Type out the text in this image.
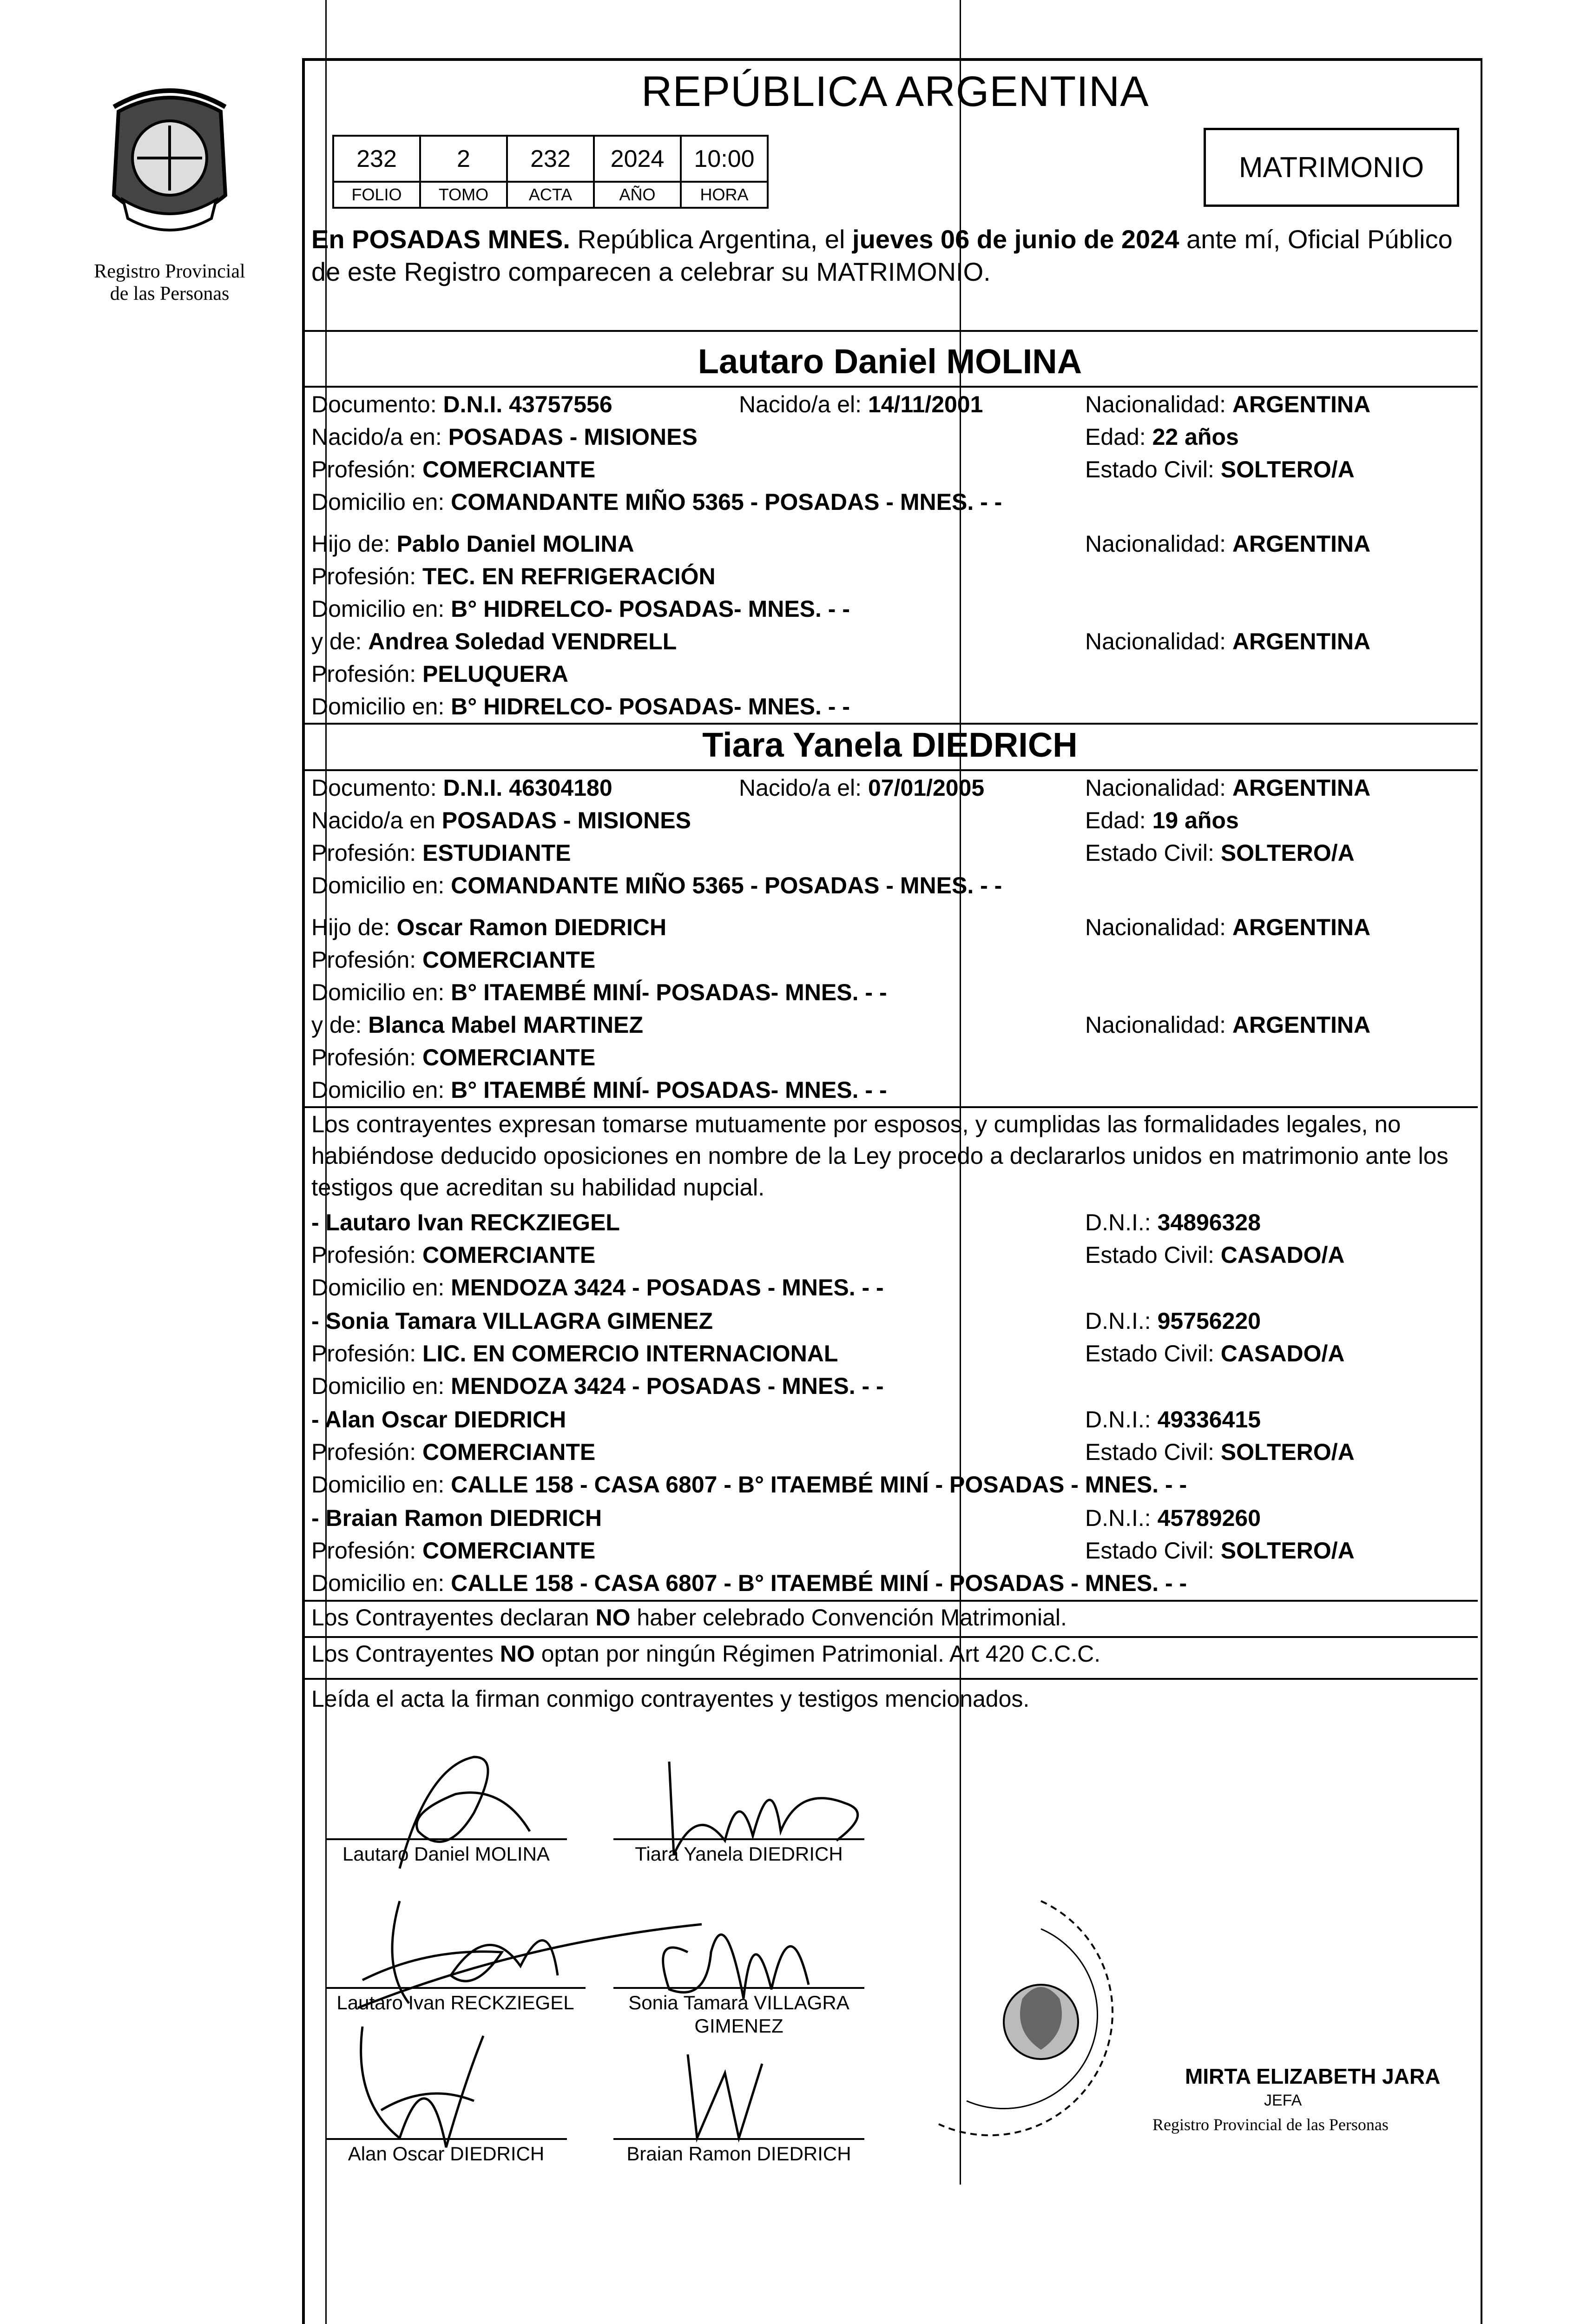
Registro Provincial
de las Personas
REPÚBLICA ARGENTINA
232	2	232	2024	10:00
FOLIO	TOMO	ACTA	AÑO	HORA
MATRIMONIO
En POSADAS MNES. República Argentina, el jueves 06 de junio de 2024 ante mí, Oficial Público de este Registro comparecen a celebrar su MATRIMONIO.
Lautaro Daniel MOLINA
Documento: D.N.I. 43757556	Nacido/a el: 14/11/2001	Nacionalidad: ARGENTINA
Nacido/a en: POSADAS - MISIONES	Edad: 22 años
Profesión: COMERCIANTE	Estado Civil: SOLTERO/A
Domicilio en: COMANDANTE MIÑO 5365 - POSADAS - MNES. - -
Hijo de: Pablo Daniel MOLINA	Nacionalidad: ARGENTINA
Profesión: TEC. EN REFRIGERACIÓN
Domicilio en: B° HIDRELCO- POSADAS- MNES. - -
y de: Andrea Soledad VENDRELL	Nacionalidad: ARGENTINA
Profesión: PELUQUERA
Domicilio en: B° HIDRELCO- POSADAS- MNES. - -
Tiara Yanela DIEDRICH
Documento: D.N.I. 46304180	Nacido/a el: 07/01/2005	Nacionalidad: ARGENTINA
Nacido/a en POSADAS - MISIONES	Edad: 19 años
Profesión: ESTUDIANTE	Estado Civil: SOLTERO/A
Domicilio en: COMANDANTE MIÑO 5365 - POSADAS - MNES. - -
Hijo de: Oscar Ramon DIEDRICH	Nacionalidad: ARGENTINA
Profesión: COMERCIANTE
Domicilio en: B° ITAEMBÉ MINÍ- POSADAS- MNES. - -
y de: Blanca Mabel MARTINEZ	Nacionalidad: ARGENTINA
Profesión: COMERCIANTE
Domicilio en: B° ITAEMBÉ MINÍ- POSADAS- MNES. - -
Los contrayentes expresan tomarse mutuamente por esposos, y cumplidas las formalidades legales, no habiéndose deducido oposiciones en nombre de la Ley procedo a declararlos unidos en matrimonio ante los testigos que acreditan su habilidad nupcial.
- Lautaro Ivan RECKZIEGEL	D.N.I.: 34896328
Profesión: COMERCIANTE	Estado Civil: CASADO/A
Domicilio en: MENDOZA 3424 - POSADAS - MNES. - -
- Sonia Tamara VILLAGRA GIMENEZ	D.N.I.: 95756220
Profesión: LIC. EN COMERCIO INTERNACIONAL	Estado Civil: CASADO/A
Domicilio en: MENDOZA 3424 - POSADAS - MNES. - -
- Alan Oscar DIEDRICH	D.N.I.: 49336415
Profesión: COMERCIANTE	Estado Civil: SOLTERO/A
Domicilio en: CALLE 158 - CASA 6807 - B° ITAEMBÉ MINÍ - POSADAS - MNES. - -
- Braian Ramon DIEDRICH	D.N.I.: 45789260
Profesión: COMERCIANTE	Estado Civil: SOLTERO/A
Domicilio en: CALLE 158 - CASA 6807 - B° ITAEMBÉ MINÍ - POSADAS - MNES. - -
Los Contrayentes declaran NO haber celebrado Convención Matrimonial.
Los Contrayentes NO optan por ningún Régimen Patrimonial. Art 420 C.C.C.
Leída el acta la firman conmigo contrayentes y testigos mencionados.
Lautaro Daniel MOLINA	Tiara Yanela DIEDRICH
Lautaro Ivan RECKZIEGEL	Sonia Tamara VILLAGRA
GIMENEZ
Alan Oscar DIEDRICH	Braian Ramon DIEDRICH
MIRTA ELIZABETH JARA
JEFA
Registro Provincial de las Personas
